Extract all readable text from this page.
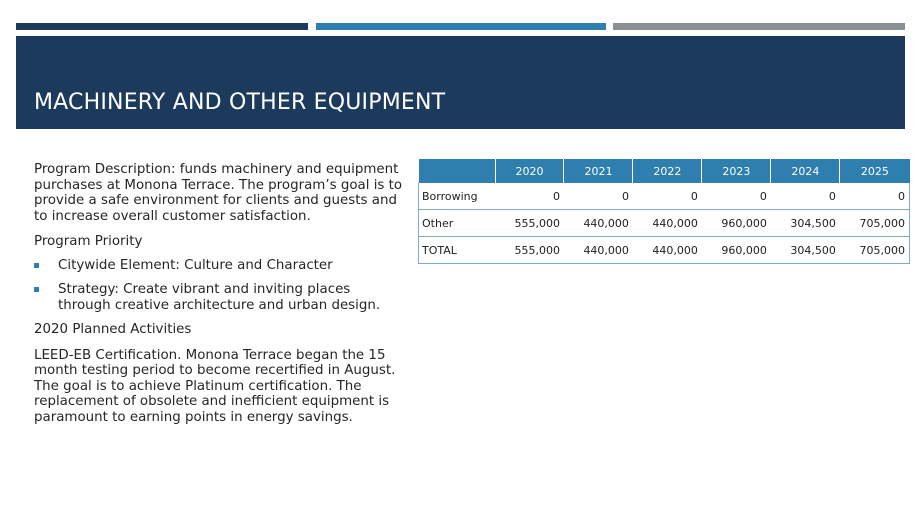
MACHINERY AND OTHER EQUIPMENT

Program Description: funds machinery and equipment purchases at Monona Terrace. The program’s goal is to provide a safe environment for clients and guests and to increase overall customer satisfaction.

Program Priority

Citywide Element: Culture and Character
Strategy: Create vibrant and inviting places through creative architecture and urban design.

2020 Planned Activities

LEED-EB Certification. Monona Terrace began the 15 month testing period to become recertified in August. The goal is to achieve Platinum certification. The replacement of obsolete and inefficient equipment is paramount to earning points in energy savings.

	2020	2021	2022	2023	2024	2025
Borrowing	0	0	0	0	0	0
Other	555,000	440,000	440,000	960,000	304,500	705,000
TOTAL	555,000	440,000	440,000	960,000	304,500	705,000
